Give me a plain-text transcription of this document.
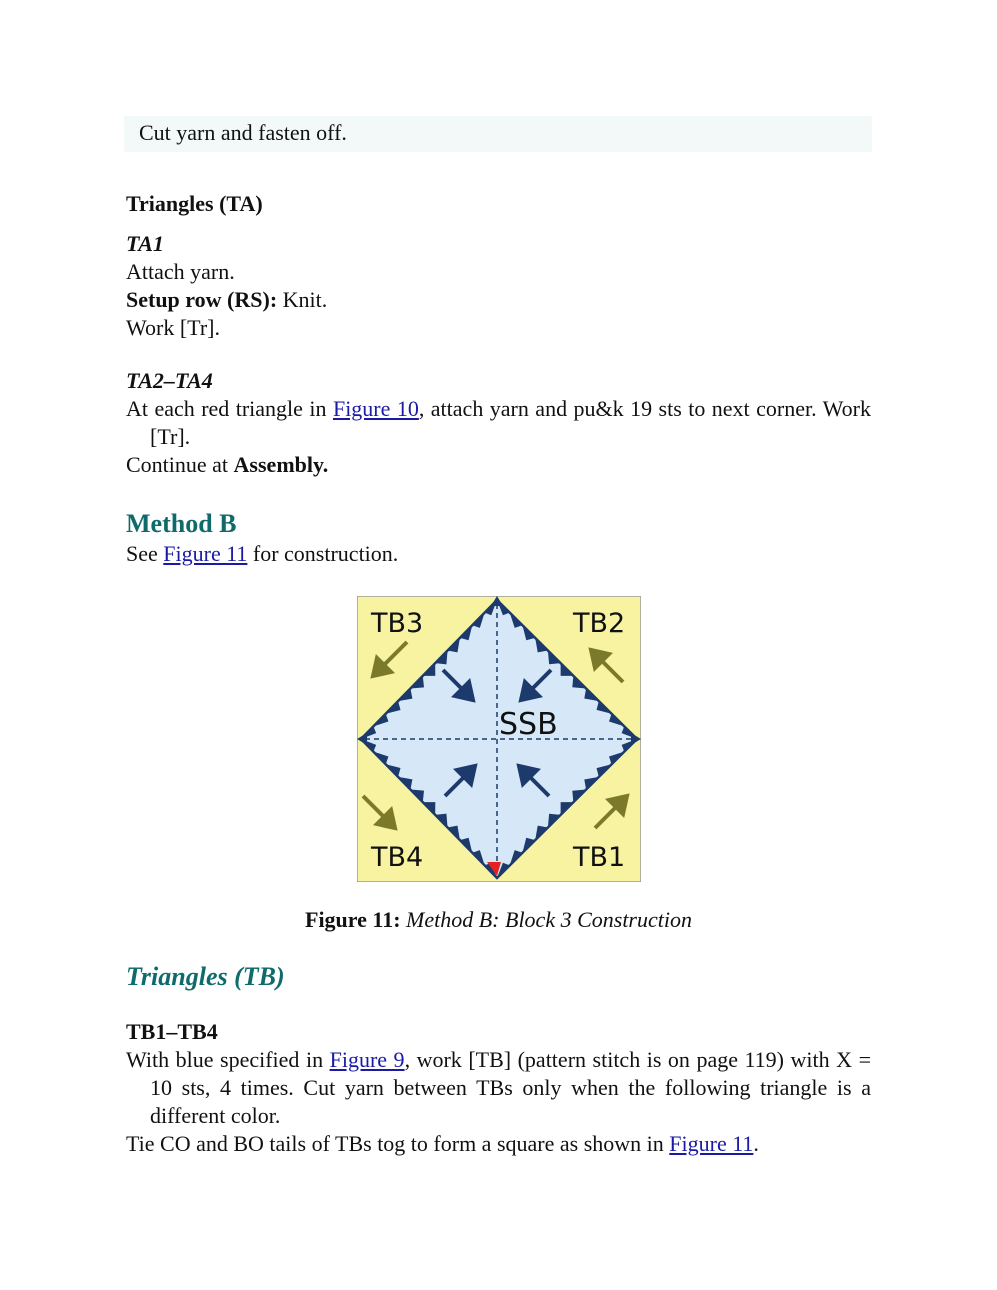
Cut yarn and fasten off.

Triangles (TA)

TA1

Attach yarn.

Setup row (RS): Knit.

Work [Tr].

TA2–TA4

At each red triangle in Figure 10, attach yarn and pu&k 19 sts to next corner. Work [Tr].

Continue at Assembly.

Method B

See Figure 11 for construction.

TB3	TB2
TB4	TB1
SSB
Figure 11: Method B: Block 3 Construction

Triangles (TB)

TB1–TB4

With blue specified in Figure 9, work [TB] (pattern stitch is on page 119) with X = 10 sts, 4 times. Cut yarn between TBs only when the following triangle is a different color.

Tie CO and BO tails of TBs tog to form a square as shown in Figure 11.
